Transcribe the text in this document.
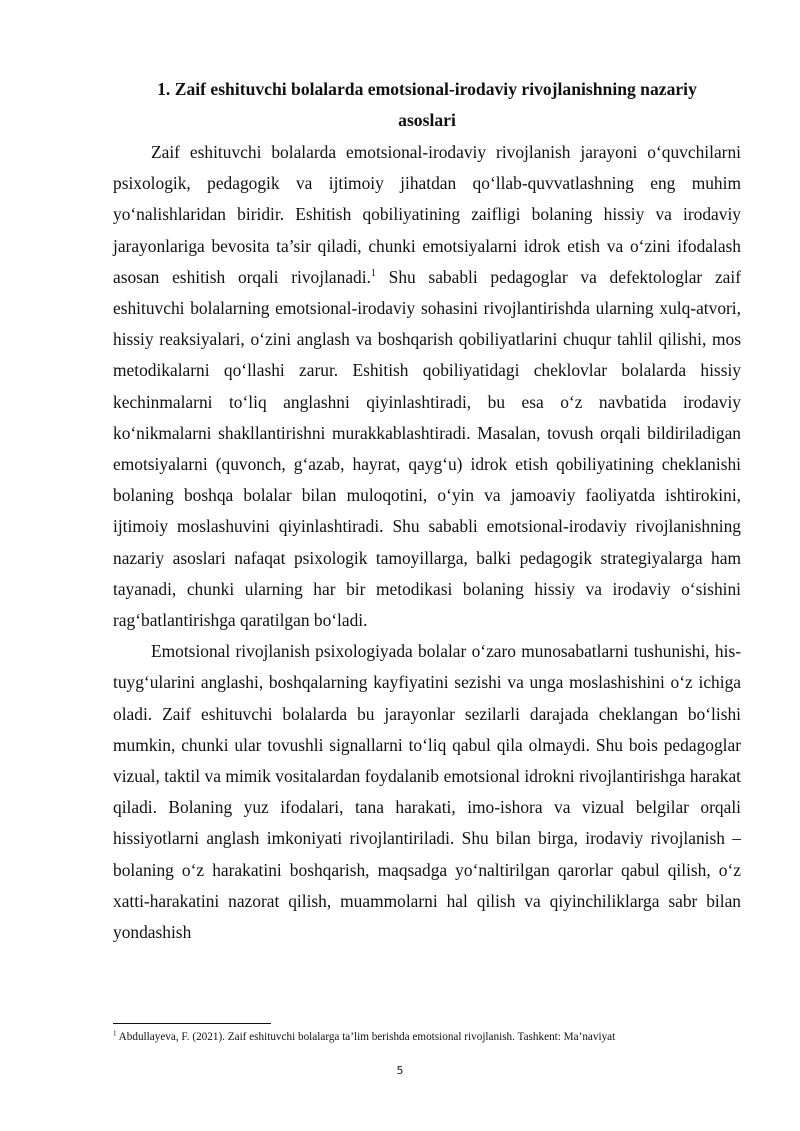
1. Zaif eshituvchi bolalarda emotsional-irodaviy rivojlanishning nazariy
asoslari

Zaif eshituvchi bolalarda emotsional-irodaviy rivojlanish jarayoni o‘quvchilarni psixologik, pedagogik va ijtimoiy jihatdan qo‘llab-quvvatlashning eng muhim yo‘nalishlaridan biridir. Eshitish qobiliyatining zaifligi bolaning hissiy va irodaviy jarayonlariga bevosita ta’sir qiladi, chunki emotsiyalarni idrok etish va o‘zini ifodalash asosan eshitish orqali rivojlanadi.$^1$ Shu sababli pedagoglar va defektologlar zaif eshituvchi bolalarning emotsional-irodaviy sohasini rivojlantirishda ularning xulq-atvori, hissiy reaksiyalari, o‘zini anglash va boshqarish qobiliyatlarini chuqur tahlil qilishi, mos metodikalarni qo‘llashi zarur. Eshitish qobiliyatidagi cheklovlar bolalarda hissiy kechinmalarni to‘liq anglashni qiyinlashtiradi, bu esa o‘z navbatida irodaviy ko‘nikmalarni shakllantirishni murakkablashtiradi. Masalan, tovush orqali bildiriladigan emotsiyalarni (quvonch, g‘azab, hayrat, qayg‘u) idrok etish qobiliyatining cheklanishi bolaning boshqa bolalar bilan muloqotini, o‘yin va jamoaviy faoliyatda ishtirokini, ijtimoiy moslashuvini qiyinlashtiradi. Shu sababli emotsional-irodaviy rivojlanishning nazariy asoslari nafaqat psixologik tamoyillarga, balki pedagogik strategiyalarga ham tayanadi, chunki ularning har bir metodikasi bolaning hissiy va irodaviy o‘sishini rag‘batlantirishga qaratilgan bo‘ladi.

Emotsional rivojlanish psixologiyada bolalar o‘zaro munosabatlarni tushunishi, his-tuyg‘ularini anglashi, boshqalarning kayfiyatini sezishi va unga moslashishini o‘z ichiga oladi. Zaif eshituvchi bolalarda bu jarayonlar sezilarli darajada cheklangan bo‘lishi mumkin, chunki ular tovushli signallarni to‘liq qabul qila olmaydi. Shu bois pedagoglar vizual, taktil va mimik vositalardan foydalanib emotsional idrokni rivojlantirishga harakat qiladi. Bolaning yuz ifodalari, tana harakati, imo-ishora va vizual belgilar orqali hissiyotlarni anglash imkoniyati rivojlantiriladi. Shu bilan birga, irodaviy rivojlanish – bolaning o‘z harakatini boshqarish, maqsadga yo‘naltirilgan qarorlar qabul qilish, o‘z xatti-harakatini nazorat qilish, muammolarni hal qilish va qiyinchiliklarga sabr bilan yondashish

$^1$ Abdullayeva, F. (2021). Zaif eshituvchi bolalarga ta’lim berishda emotsional rivojlanish. Tashkent: Ma’naviyat
5
